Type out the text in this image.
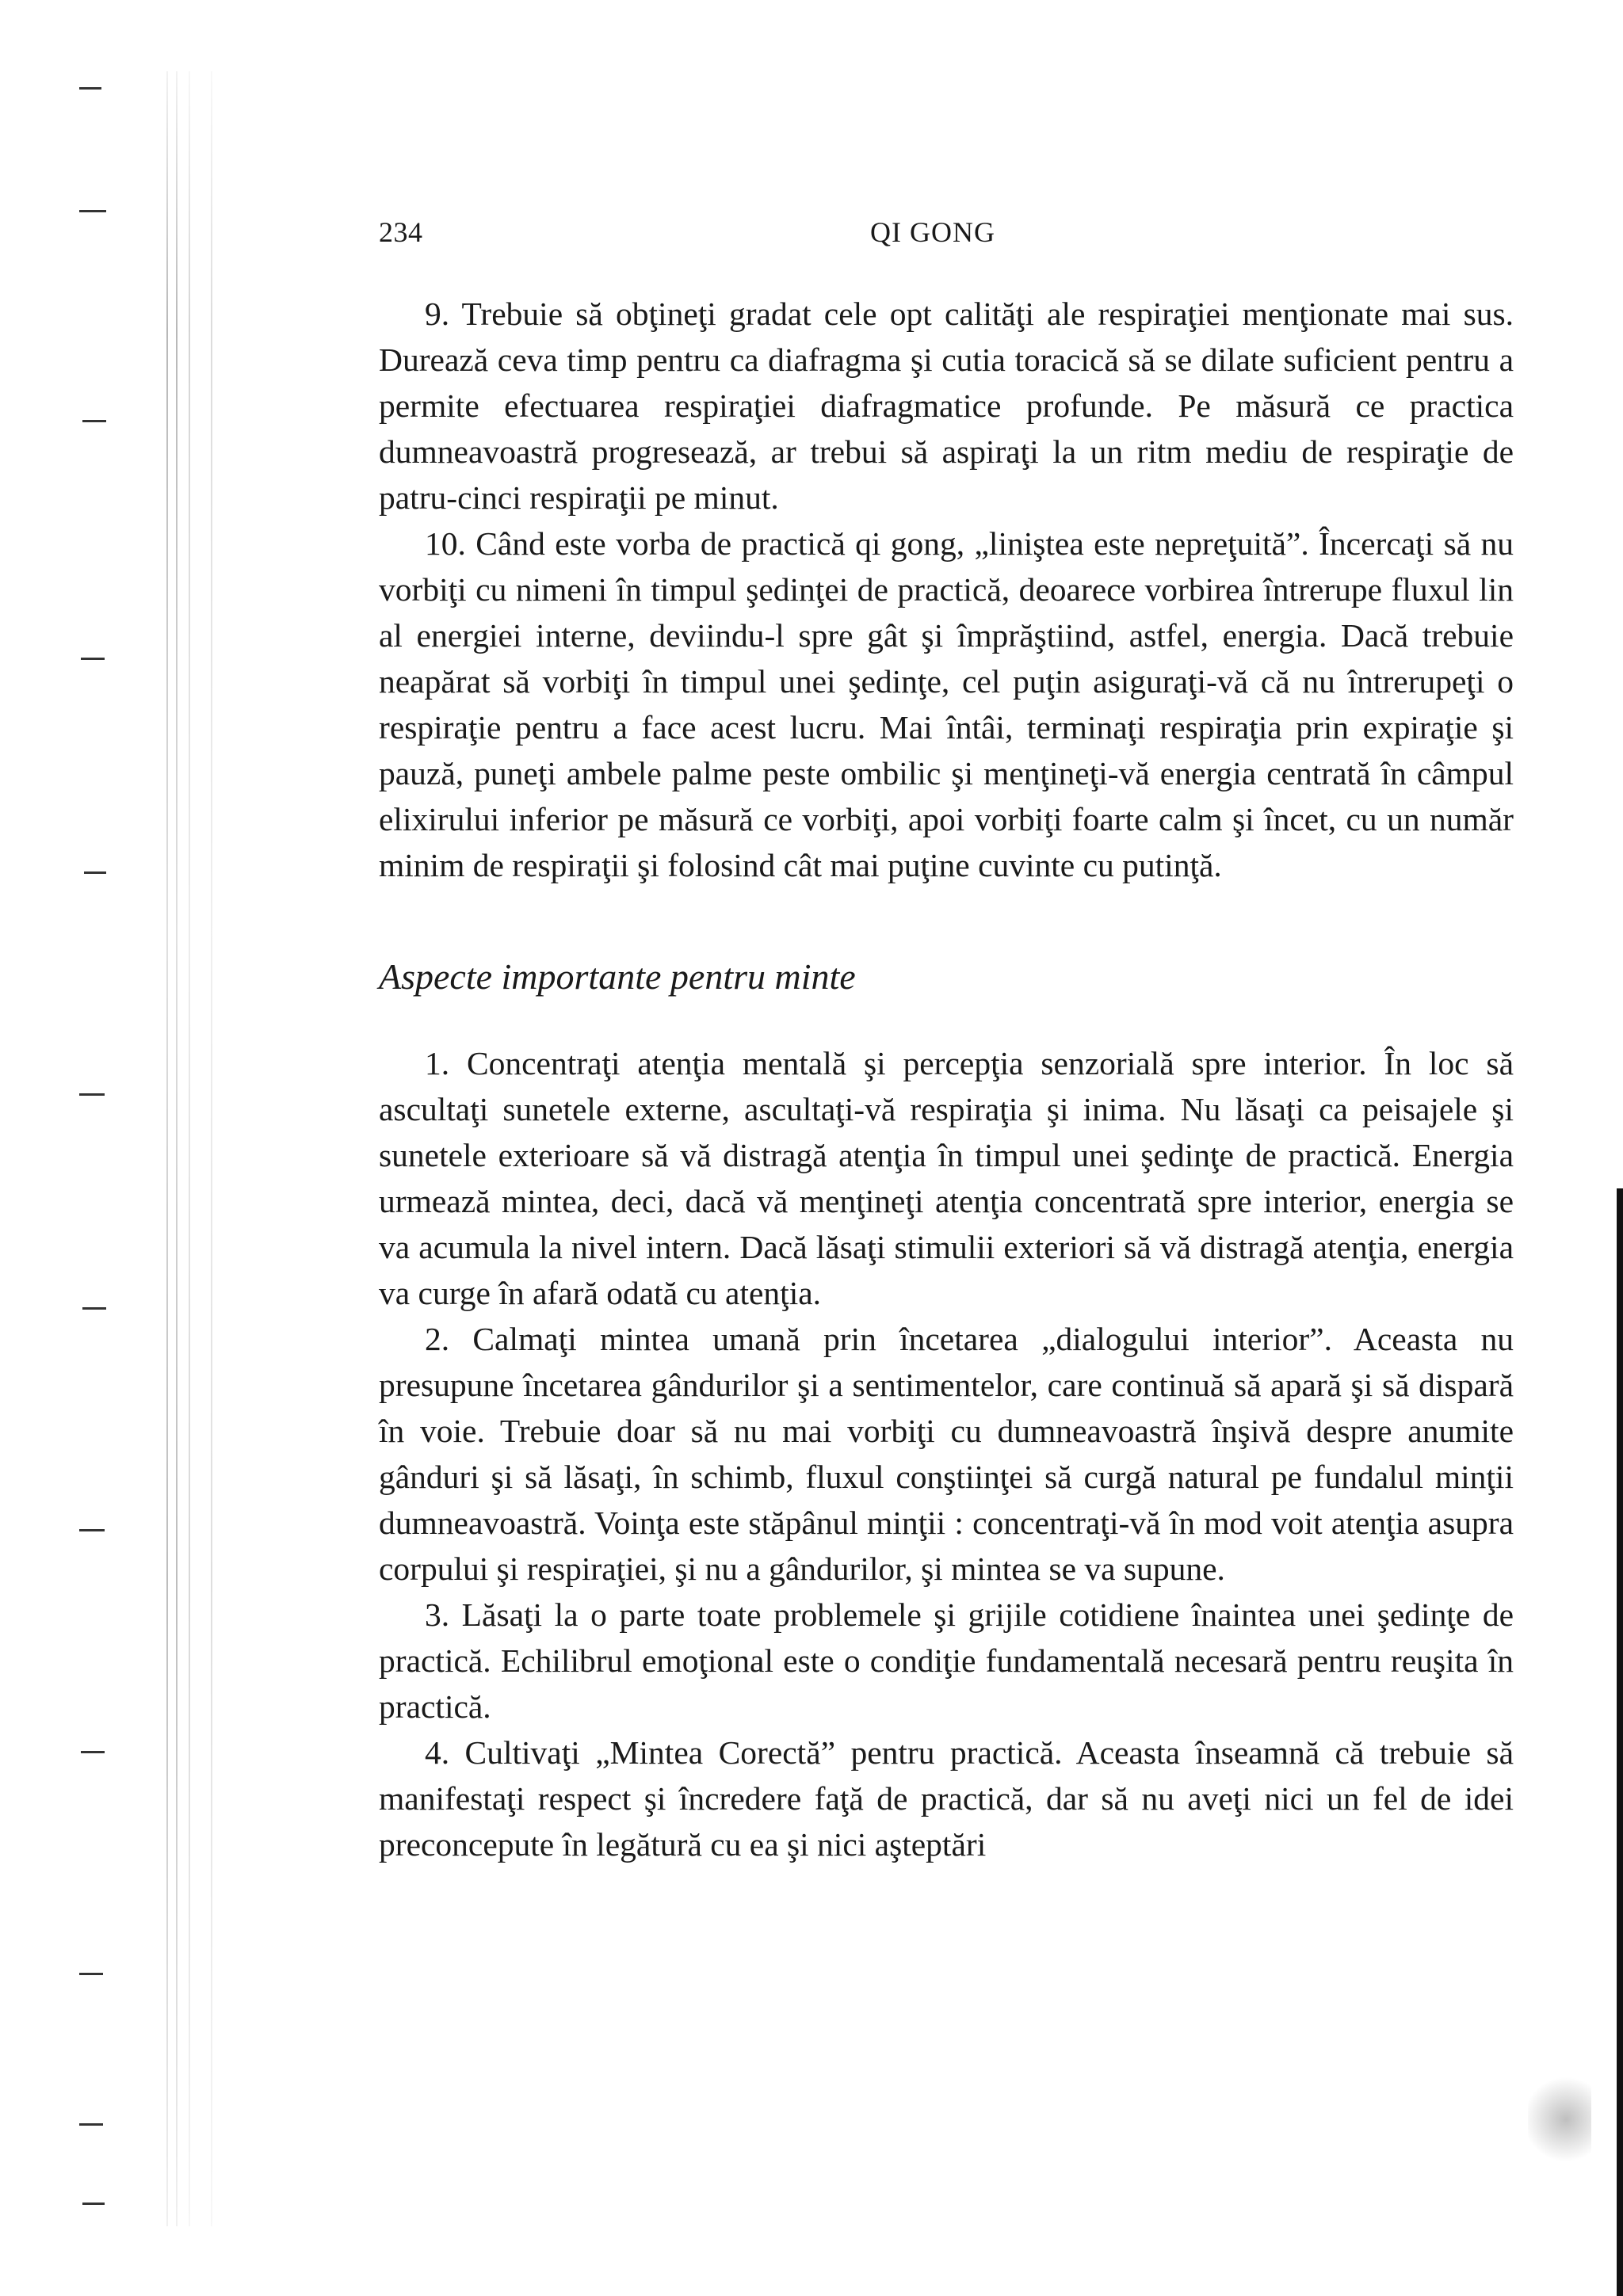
234	QI GONG

9. Trebuie să obţineţi gradat cele opt calităţi ale respiraţiei menţionate mai sus. Durează ceva timp pentru ca diafragma şi cutia toracică să se dilate suficient pentru a permite efectuarea respiraţiei diafragmatice profunde. Pe măsură ce practica dumneavoastră progresează, ar trebui să aspiraţi la un ritm mediu de respiraţie de patru-cinci respiraţii pe minut.

10. Când este vorba de practică qi gong, „liniştea este nepreţuită”. Încercaţi să nu vorbiţi cu nimeni în timpul şedinţei de practică, deoarece vorbirea întrerupe fluxul lin al energiei interne, deviindu-l spre gât şi împrăştiind, astfel, energia. Dacă trebuie neapărat să vorbiţi în timpul unei şedinţe, cel puţin asiguraţi-vă că nu întrerupeţi o respiraţie pentru a face acest lucru. Mai întâi, terminaţi respiraţia prin expiraţie şi pauză, puneţi ambele palme peste ombilic şi menţineţi-vă energia centrată în câmpul elixirului inferior pe măsură ce vorbiţi, apoi vorbiţi foarte calm şi încet, cu un număr minim de respiraţii şi folosind cât mai puţine cuvinte cu putinţă.

Aspecte importante pentru minte

1. Concentraţi atenţia mentală şi percepţia senzorială spre interior. În loc să ascultaţi sunetele externe, ascultaţi-vă respiraţia şi inima. Nu lăsaţi ca peisajele şi sunetele exterioare să vă distragă atenţia în timpul unei şedinţe de practică. Energia urmează mintea, deci, dacă vă menţineţi atenţia concentrată spre interior, energia se va acumula la nivel intern. Dacă lăsaţi stimulii exteriori să vă distragă atenţia, energia va curge în afară odată cu atenţia.

2. Calmaţi mintea umană prin încetarea „dialogului interior”. Aceasta nu presupune încetarea gândurilor şi a sentimentelor, care continuă să apară şi să dispară în voie. Trebuie doar să nu mai vorbiţi cu dumneavoastră înşivă despre anumite gânduri şi să lăsaţi, în schimb, fluxul conştiinţei să curgă natural pe fundalul minţii dumneavoastră. Voinţa este stăpânul minţii : concentraţi-vă în mod voit atenţia asupra corpului şi respiraţiei, şi nu a gândurilor, şi mintea se va supune.

3. Lăsaţi la o parte toate problemele şi grijile cotidiene înaintea unei şedinţe de practică. Echilibrul emoţional este o condiţie fundamentală necesară pentru reuşita în practică.

4. Cultivaţi „Mintea Corectă” pentru practică. Aceasta înseamnă că trebuie să manifestaţi respect şi încredere faţă de practică, dar să nu aveţi nici un fel de idei preconcepute în legătură cu ea şi nici aşteptări
